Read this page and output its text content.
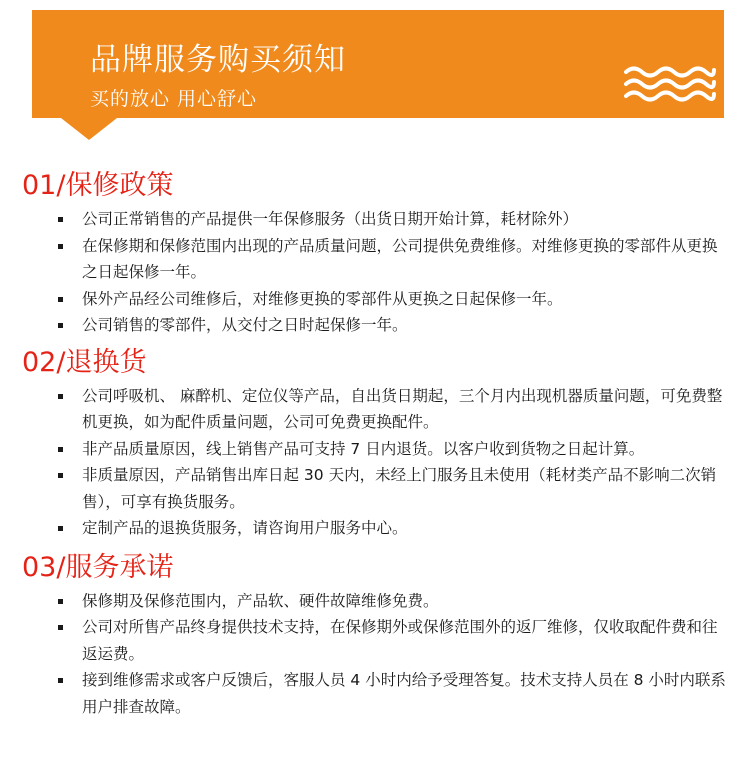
品牌服务购买须知
买的放心 用心舒心
01/保修政策
公司正常销售的产品提供一年保修服务（出货日期开始计算，耗材除外）
在保修期和保修范围内出现的产品质量问题，公司提供免费维修。对维修更换的零部件从更换之日起保修一年。
保外产品经公司维修后，对维修更换的零部件从更换之日起保修一年。
公司销售的零部件，从交付之日时起保修一年。
02/退换货
公司呼吸机、 麻醉机、定位仪等产品，自出货日期起，三个月内出现机器质量问题，可免费整机更换，如为配件质量问题，公司可免费更换配件。
非产品质量原因，线上销售产品可支持 7 日内退货。以客户收到货物之日起计算。
非质量原因，产品销售出库日起 30 天内，未经上门服务且未使用（耗材类产品不影响二次销售），可享有换货服务。
定制产品的退换货服务，请咨询用户服务中心。
03/服务承诺
保修期及保修范围内，产品软、硬件故障维修免费。
公司对所售产品终身提供技术支持，在保修期外或保修范围外的返厂维修，仅收取配件费和往返运费。
接到维修需求或客户反馈后，客服人员 4 小时内给予受理答复。技术支持人员在 8 小时内联系用户排查故障。
